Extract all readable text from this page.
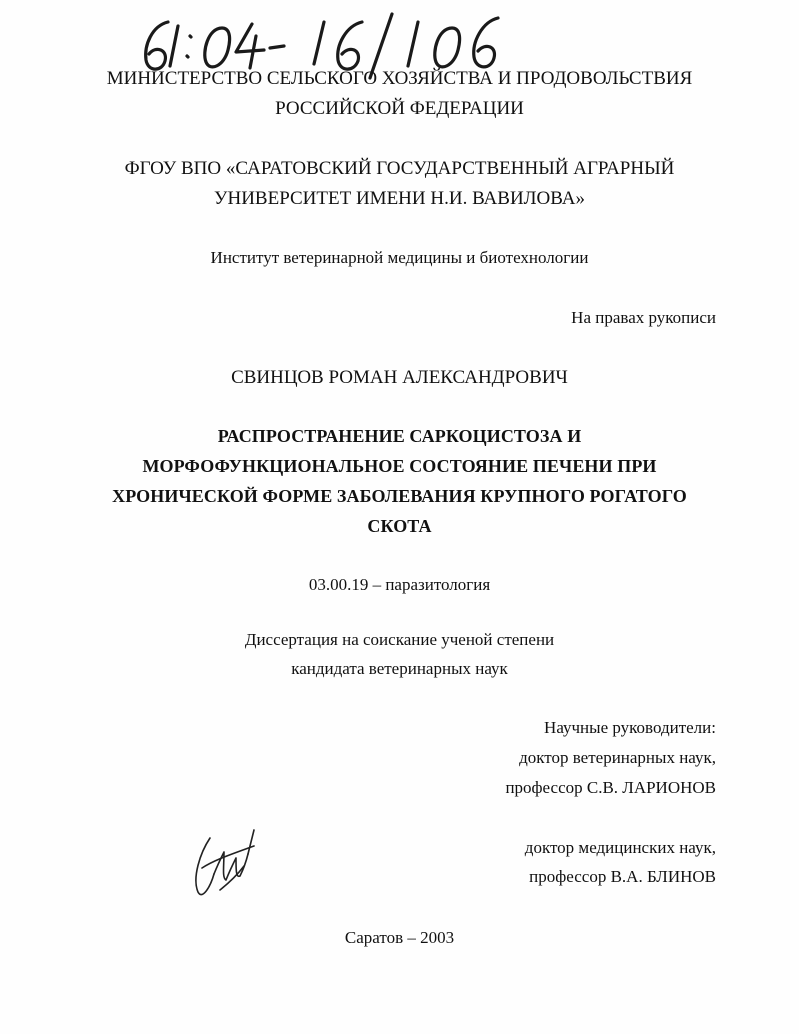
МИНИСТЕРСТВО СЕЛЬСКОГО ХОЗЯЙСТВА И ПРОДОВОЛЬСТВИЯ
РОССИЙСКОЙ ФЕДЕРАЦИИ
ФГОУ ВПО «САРАТОВСКИЙ ГОСУДАРСТВЕННЫЙ АГРАРНЫЙ
УНИВЕРСИТЕТ ИМЕНИ Н.И. ВАВИЛОВА»
Институт ветеринарной медицины и биотехнологии
На правах рукописи
СВИНЦОВ РОМАН АЛЕКСАНДРОВИЧ
РАСПРОСТРАНЕНИЕ САРКОЦИСТОЗА И
МОРФОФУНКЦИОНАЛЬНОЕ СОСТОЯНИЕ ПЕЧЕНИ ПРИ
ХРОНИЧЕСКОЙ ФОРМЕ ЗАБОЛЕВАНИЯ КРУПНОГО РОГАТОГО
СКОТА
03.00.19 – паразитология
Диссертация на соискание ученой степени
кандидата ветеринарных наук
Научные руководители:
доктор ветеринарных наук,
профессор С.В. ЛАРИОНОВ
доктор медицинских наук,
профессор В.А. БЛИНОВ
Саратов – 2003
